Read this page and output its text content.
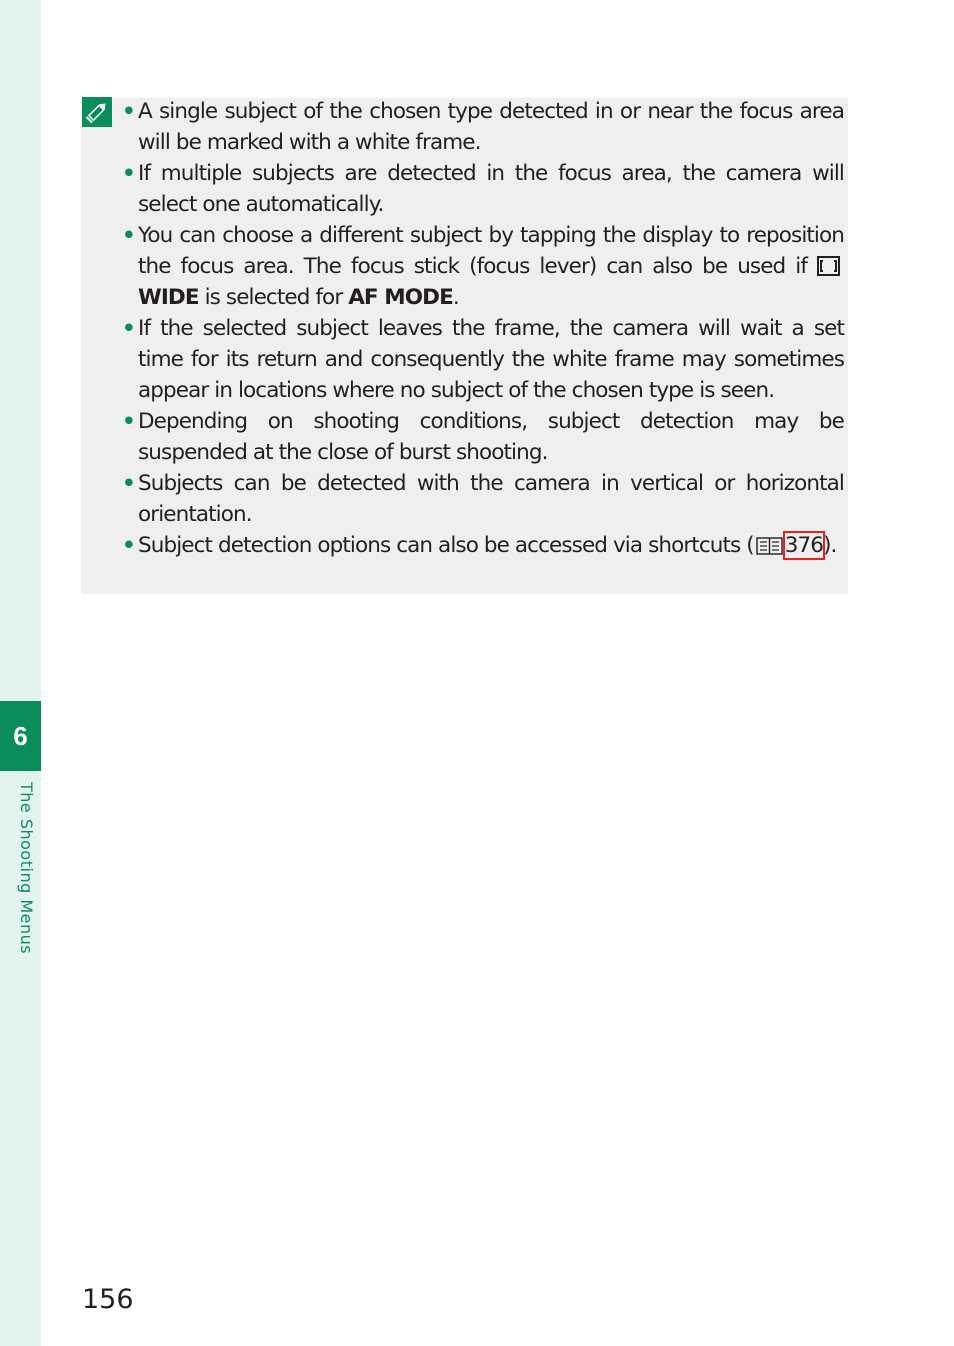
6
The Shooting Menus
• A single subject of the chosen type detected in or near the focus area will be marked with a white frame.
• If multiple subjects are detected in the focus area, the camera will select one automatically.
• You can choose a different subject by tapping the display to reposition the focus area. The focus stick (focus lever) can also be used if WIDE is selected for AF MODE.
• If the selected subject leaves the frame, the camera will wait a set time for its return and consequently the white frame may sometimes appear in locations where no subject of the chosen type is seen.
• Depending on shooting conditions, subject detection may be suspended at the close of burst shooting.
• Subjects can be detected with the camera in vertical or horizontal orientation.
• Subject detection options can also be accessed via shortcuts ( 376).
156
